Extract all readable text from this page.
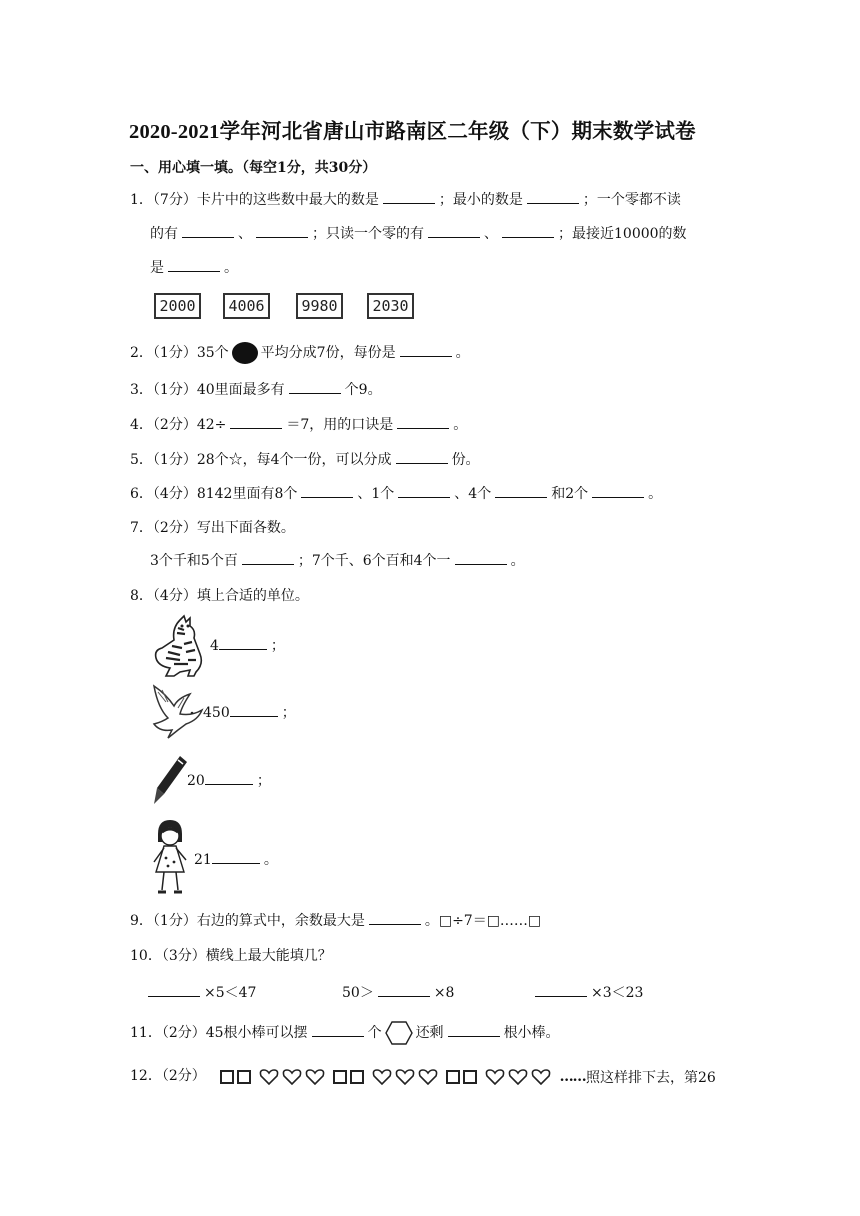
2020-2021学年河北省唐山市路南区二年级（下）期末数学试卷
一、用心填一填。（每空1分，共30分）
1．（7分）卡片中的这些数中最大的数是	；最小的数是	；一个零都不读
的有	、	；只读一个零的有	、	；最接近10000的数
是	。
2000	4006	9980	2030
2．（1分）35个 平均分成7份，每份是	。
3．（1分）40里面最多有	个9。
4．（2分）42÷	＝7，用的口诀是	。
5．（1分）28个☆，每4个一份，可以分成	份。
6．（4分）8142里面有8个	、1个	、4个	和2个	。
7．（2分）写出下面各数。
3个千和5个百	；7个千、6个百和4个一	。
8．（4分）填上合适的单位。
4	；
450	；
20	；
21	。
9．（1分）右边的算式中，余数最大是	。□÷7＝□……□
10．（3分）横线上最大能填几？
×5＜47	50＞	×8	×3＜23
11．（2分）45根小棒可以摆	个 还剩	根小棒。
12．（2分）	…… 照这样排下去，第26
